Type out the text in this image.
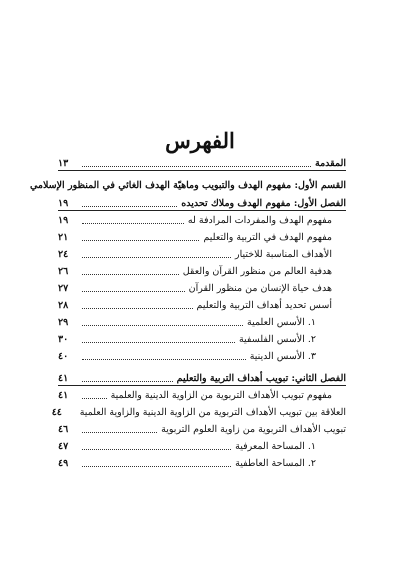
الفهرس
المقدمة
١٣
القسم الأول: مفهوم الهدف والتبويب وماهيّة الهدف الغائي في المنظور الإسلامي
الفصل الأول: مفهوم الهدف وملاك تحديده
١٩
مفهوم الهدف والمفردات المرادفة له
١٩
مفهوم الهدف في التربية والتعليم
٢١
الأهداف المناسبة للاختيار
٢٤
هدفية العالم من منظور القرآن والعقل
٢٦
هدف حياة الإنسان من منظور القرآن
٢٧
أسس تحديد أهداف التربية والتعليم
٢٨
١. الأسس العلمية
٢٩
٢. الأسس الفلسفية
٣٠
٣. الأسس الدينية
٤٠
الفصل الثاني: تبويب أهداف التربية والتعليم
٤١
مفهوم تبويب الأهداف التربوية من الزاوية الدينية والعلمية
٤١
العلاقة بين تبويب الأهداف التربوية من الزاوية الدينية والزاوية العلمية
٤٤
تبويب الأهداف التربوية من زاوية العلوم التربوية
٤٦
١. المساحة المعرفية
٤٧
٢. المساحة العاطفية
٤٩
